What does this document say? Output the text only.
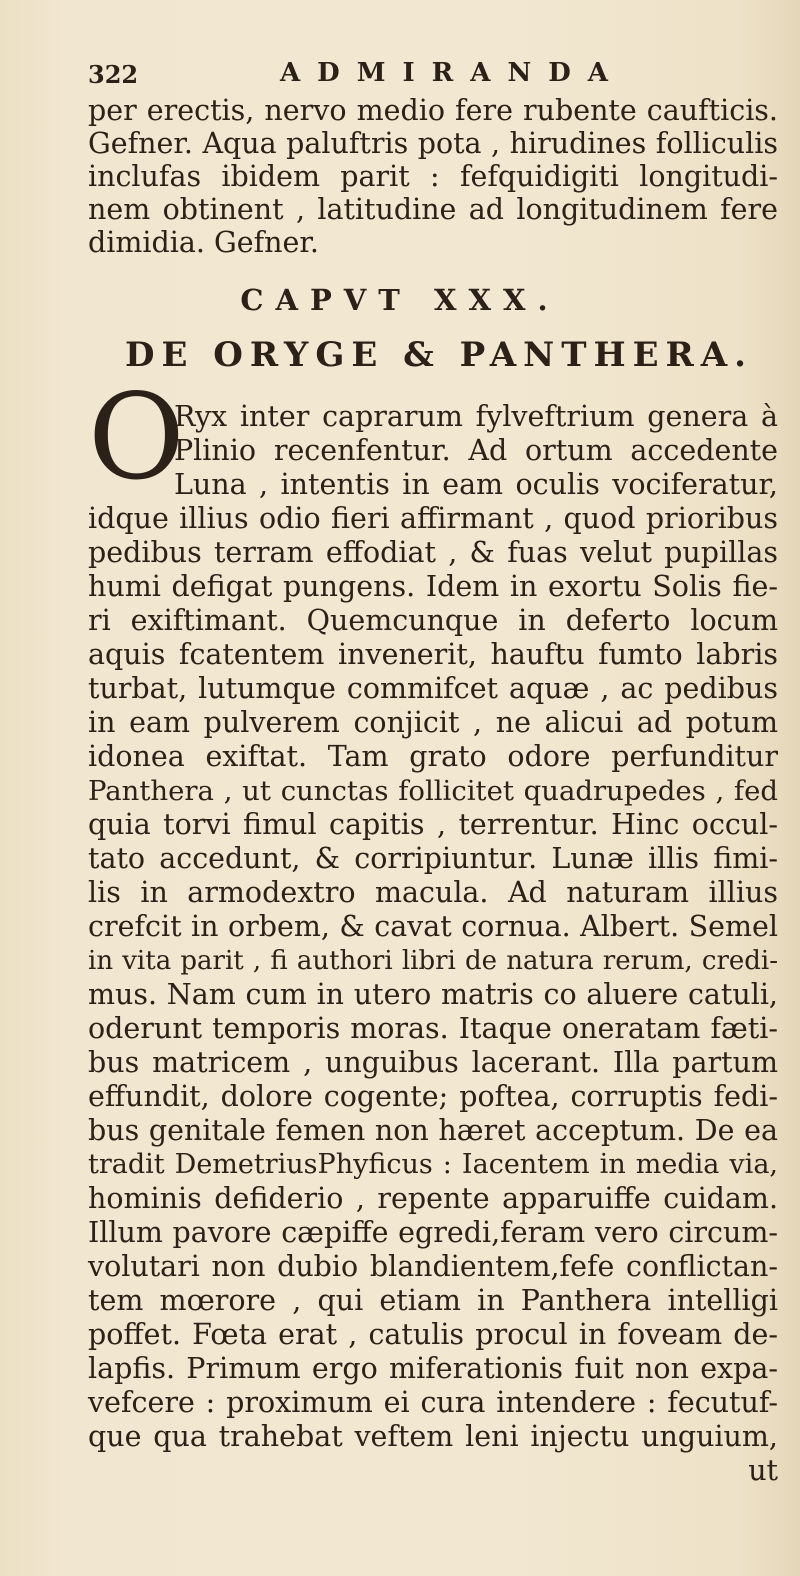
322	ADMIRANDA
per erectis, nervo medio fere rubente caufticis.
Gefner. Aqua paluftris pota , hirudines folliculis
inclufas ibidem parit : fefquidigiti longitudi-
nem obtinent , latitudine ad longitudinem fere
dimidia. Gefner.
CAPVT XXX.
DE ORYGE & PANTHERA.
O
Ryx inter caprarum fylveftrium genera à
Plinio recenfentur. Ad ortum accedente
Luna , intentis in eam oculis vociferatur,
idque illius odio fieri affirmant , quod prioribus
pedibus terram effodiat , & fuas velut pupillas
humi defigat pungens. Idem in exortu Solis fie-
ri exiftimant. Quemcunque in deferto locum
aquis fcatentem invenerit, hauftu fumto labris
turbat, lutumque commifcet aquæ , ac pedibus
in eam pulverem conjicit , ne alicui ad potum
idonea exiftat. Tam grato odore perfunditur
Panthera , ut cunctas follicitet quadrupedes , fed
quia torvi fimul capitis , terrentur. Hinc occul-
tato accedunt, & corripiuntur. Lunæ illis fimi-
lis in armodextro macula. Ad naturam illius
crefcit in orbem, & cavat cornua. Albert. Semel
in vita parit , fi authori libri de natura rerum, credi-
mus. Nam cum in utero matris co aluere catuli,
oderunt temporis moras. Itaque oneratam fæti-
bus matricem , unguibus lacerant. Illa partum
effundit, dolore cogente; poftea, corruptis fedi-
bus genitale femen non hæret acceptum. De ea
tradit DemetriusPhyficus : Iacentem in media via,
hominis defiderio , repente apparuiffe cuidam.
Illum pavore cæpiffe egredi,feram vero circum-
volutari non dubio blandientem,fefe conflictan-
tem mœrore , qui etiam in Panthera intelligi
poffet. Fœta erat , catulis procul in foveam de-
lapfis. Primum ergo miferationis fuit non expa-
vefcere : proximum ei cura intendere : fecutuf-
que qua trahebat veftem leni injectu unguium,
ut
